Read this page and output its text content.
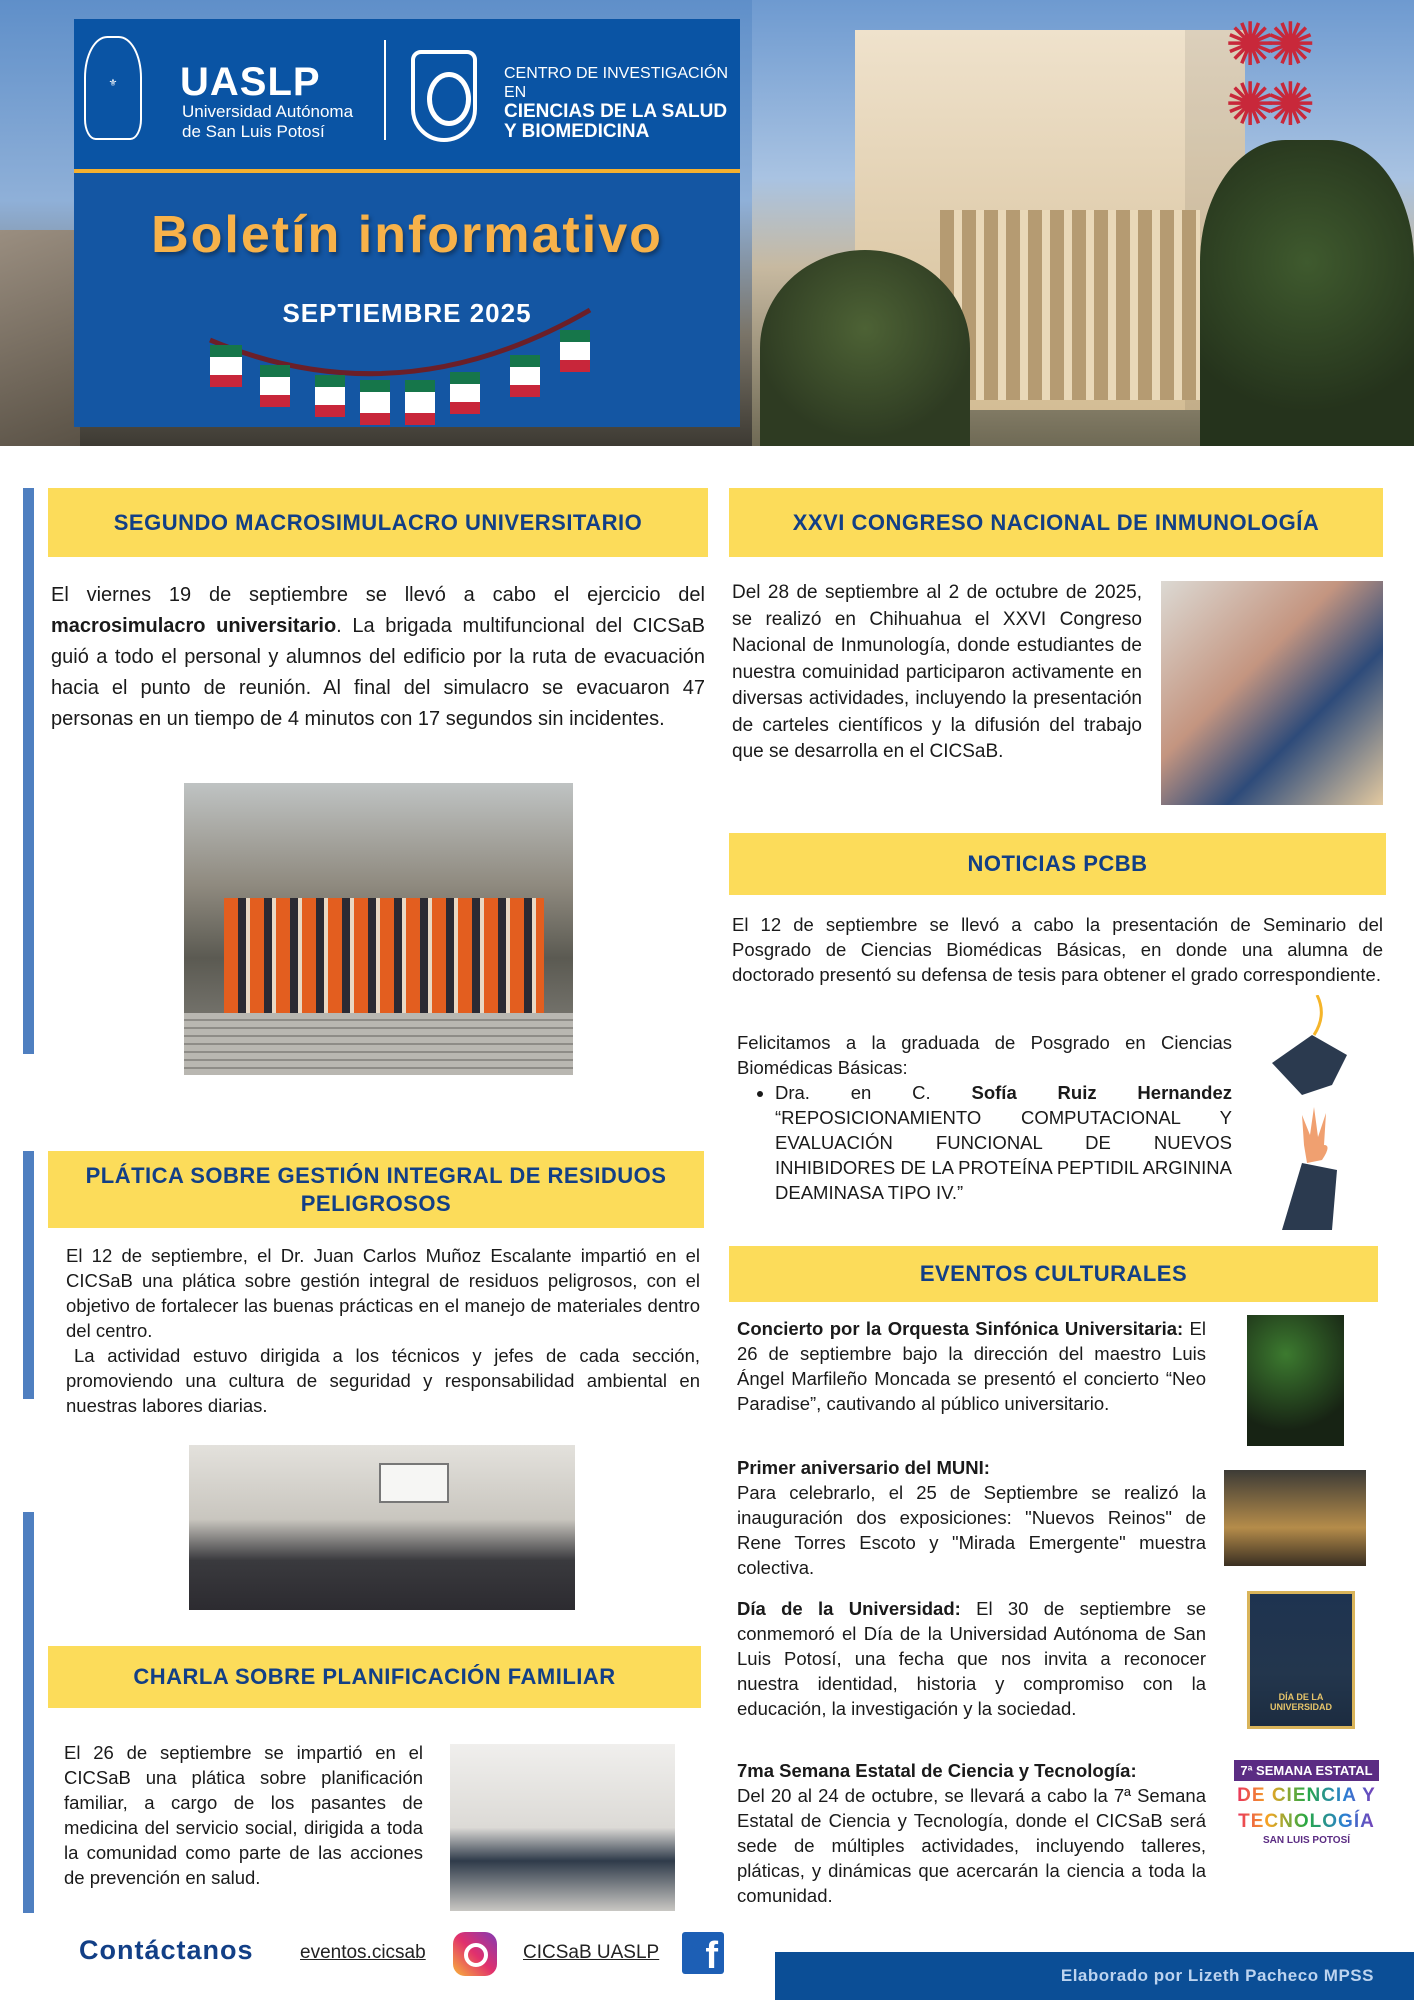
✺✺
✺✺
⚜	UASLP
Universidad Autónoma
de San Luis Potosí
CENTRO DE INVESTIGACIÓN EN
CIENCIAS DE LA SALUD
Y BIOMEDICINA
Boletín informativo
SEPTIEMBRE 2025
SEGUNDO MACROSIMULACRO UNIVERSITARIO
El viernes 19 de septiembre se llevó a cabo el ejercicio del macrosimulacro universitario. La brigada multifuncional del CICSaB guió a todo el personal y alumnos del edificio por la ruta de evacuación hacia el punto de reunión. Al final del simulacro se evacuaron 47 personas en un tiempo de 4 minutos con 17 segundos sin incidentes.
PLÁTICA SOBRE GESTIÓN INTEGRAL DE RESIDUOS PELIGROSOS
El 12 de septiembre, el Dr. Juan Carlos Muñoz Escalante impartió en el CICSaB una plática sobre gestión integral de residuos peligrosos, con el objetivo de fortalecer las buenas prácticas en el manejo de materiales dentro del centro.
La actividad estuvo dirigida a los técnicos y jefes de cada sección, promoviendo una cultura de seguridad y responsabilidad ambiental en nuestras labores diarias.
CHARLA SOBRE PLANIFICACIÓN FAMILIAR
El 26 de septiembre se impartió en el CICSaB una plática sobre planificación familiar, a cargo de los pasantes de medicina del servicio social, dirigida a toda la comunidad como parte de las acciones de prevención en salud.
XXVI CONGRESO NACIONAL DE INMUNOLOGÍA
Del 28 de septiembre al 2 de octubre de 2025, se realizó en Chihuahua el XXVI Congreso Nacional de Inmunología, donde estudiantes de nuestra comuinidad participaron activamente en diversas actividades, incluyendo la presentación de carteles científicos y la difusión del trabajo que se desarrolla en el CICSaB.
NOTICIAS PCBB
El 12 de septiembre se llevó a cabo la presentación de Seminario del Posgrado de Ciencias Biomédicas Básicas, en donde una alumna de doctorado presentó su defensa de tesis para obtener el grado correspondiente.
Felicitamos a la graduada de Posgrado en Ciencias Biomédicas Básicas:
• Dra. en C. Sofía Ruiz Hernandez “REPOSICIONAMIENTO COMPUTACIONAL Y EVALUACIÓN FUNCIONAL DE NUEVOS INHIBIDORES DE LA PROTEÍNA PEPTIDIL ARGININA DEAMINASA TIPO IV.”
EVENTOS CULTURALES
Concierto por la Orquesta Sinfónica Universitaria: El 26 de septiembre bajo la dirección del maestro Luis Ángel Marfileño Moncada se presentó el concierto “Neo Paradise”, cautivando al público universitario.
Primer aniversario del MUNI:
Para celebrarlo, el 25 de Septiembre se realizó la inauguración dos exposiciones: "Nuevos Reinos" de Rene Torres Escoto y "Mirada Emergente" muestra colectiva.
Día de la Universidad: El 30 de septiembre se conmemoró el Día de la Universidad Autónoma de San Luis Potosí, una fecha que nos invita a reconocer nuestra identidad, historia y compromiso con la educación, la investigación y la sociedad.
DÍA DE LA UNIVERSIDAD
7ma Semana Estatal de Ciencia y Tecnología:
Del 20 al 24 de octubre, se llevará a cabo la 7ª Semana Estatal de Ciencia y Tecnología, donde el CICSaB será sede de múltiples actividades, incluyendo talleres, pláticas, y dinámicas que acercarán la ciencia a toda la comunidad.
7ª SEMANA ESTATAL
DE CIENCIA Y TECNOLOGÍA
SAN LUIS POTOSÍ
Contáctanos eventos.cicsab	CICSaB UASLP	f	Elaborado por Lizeth Pacheco MPSS
